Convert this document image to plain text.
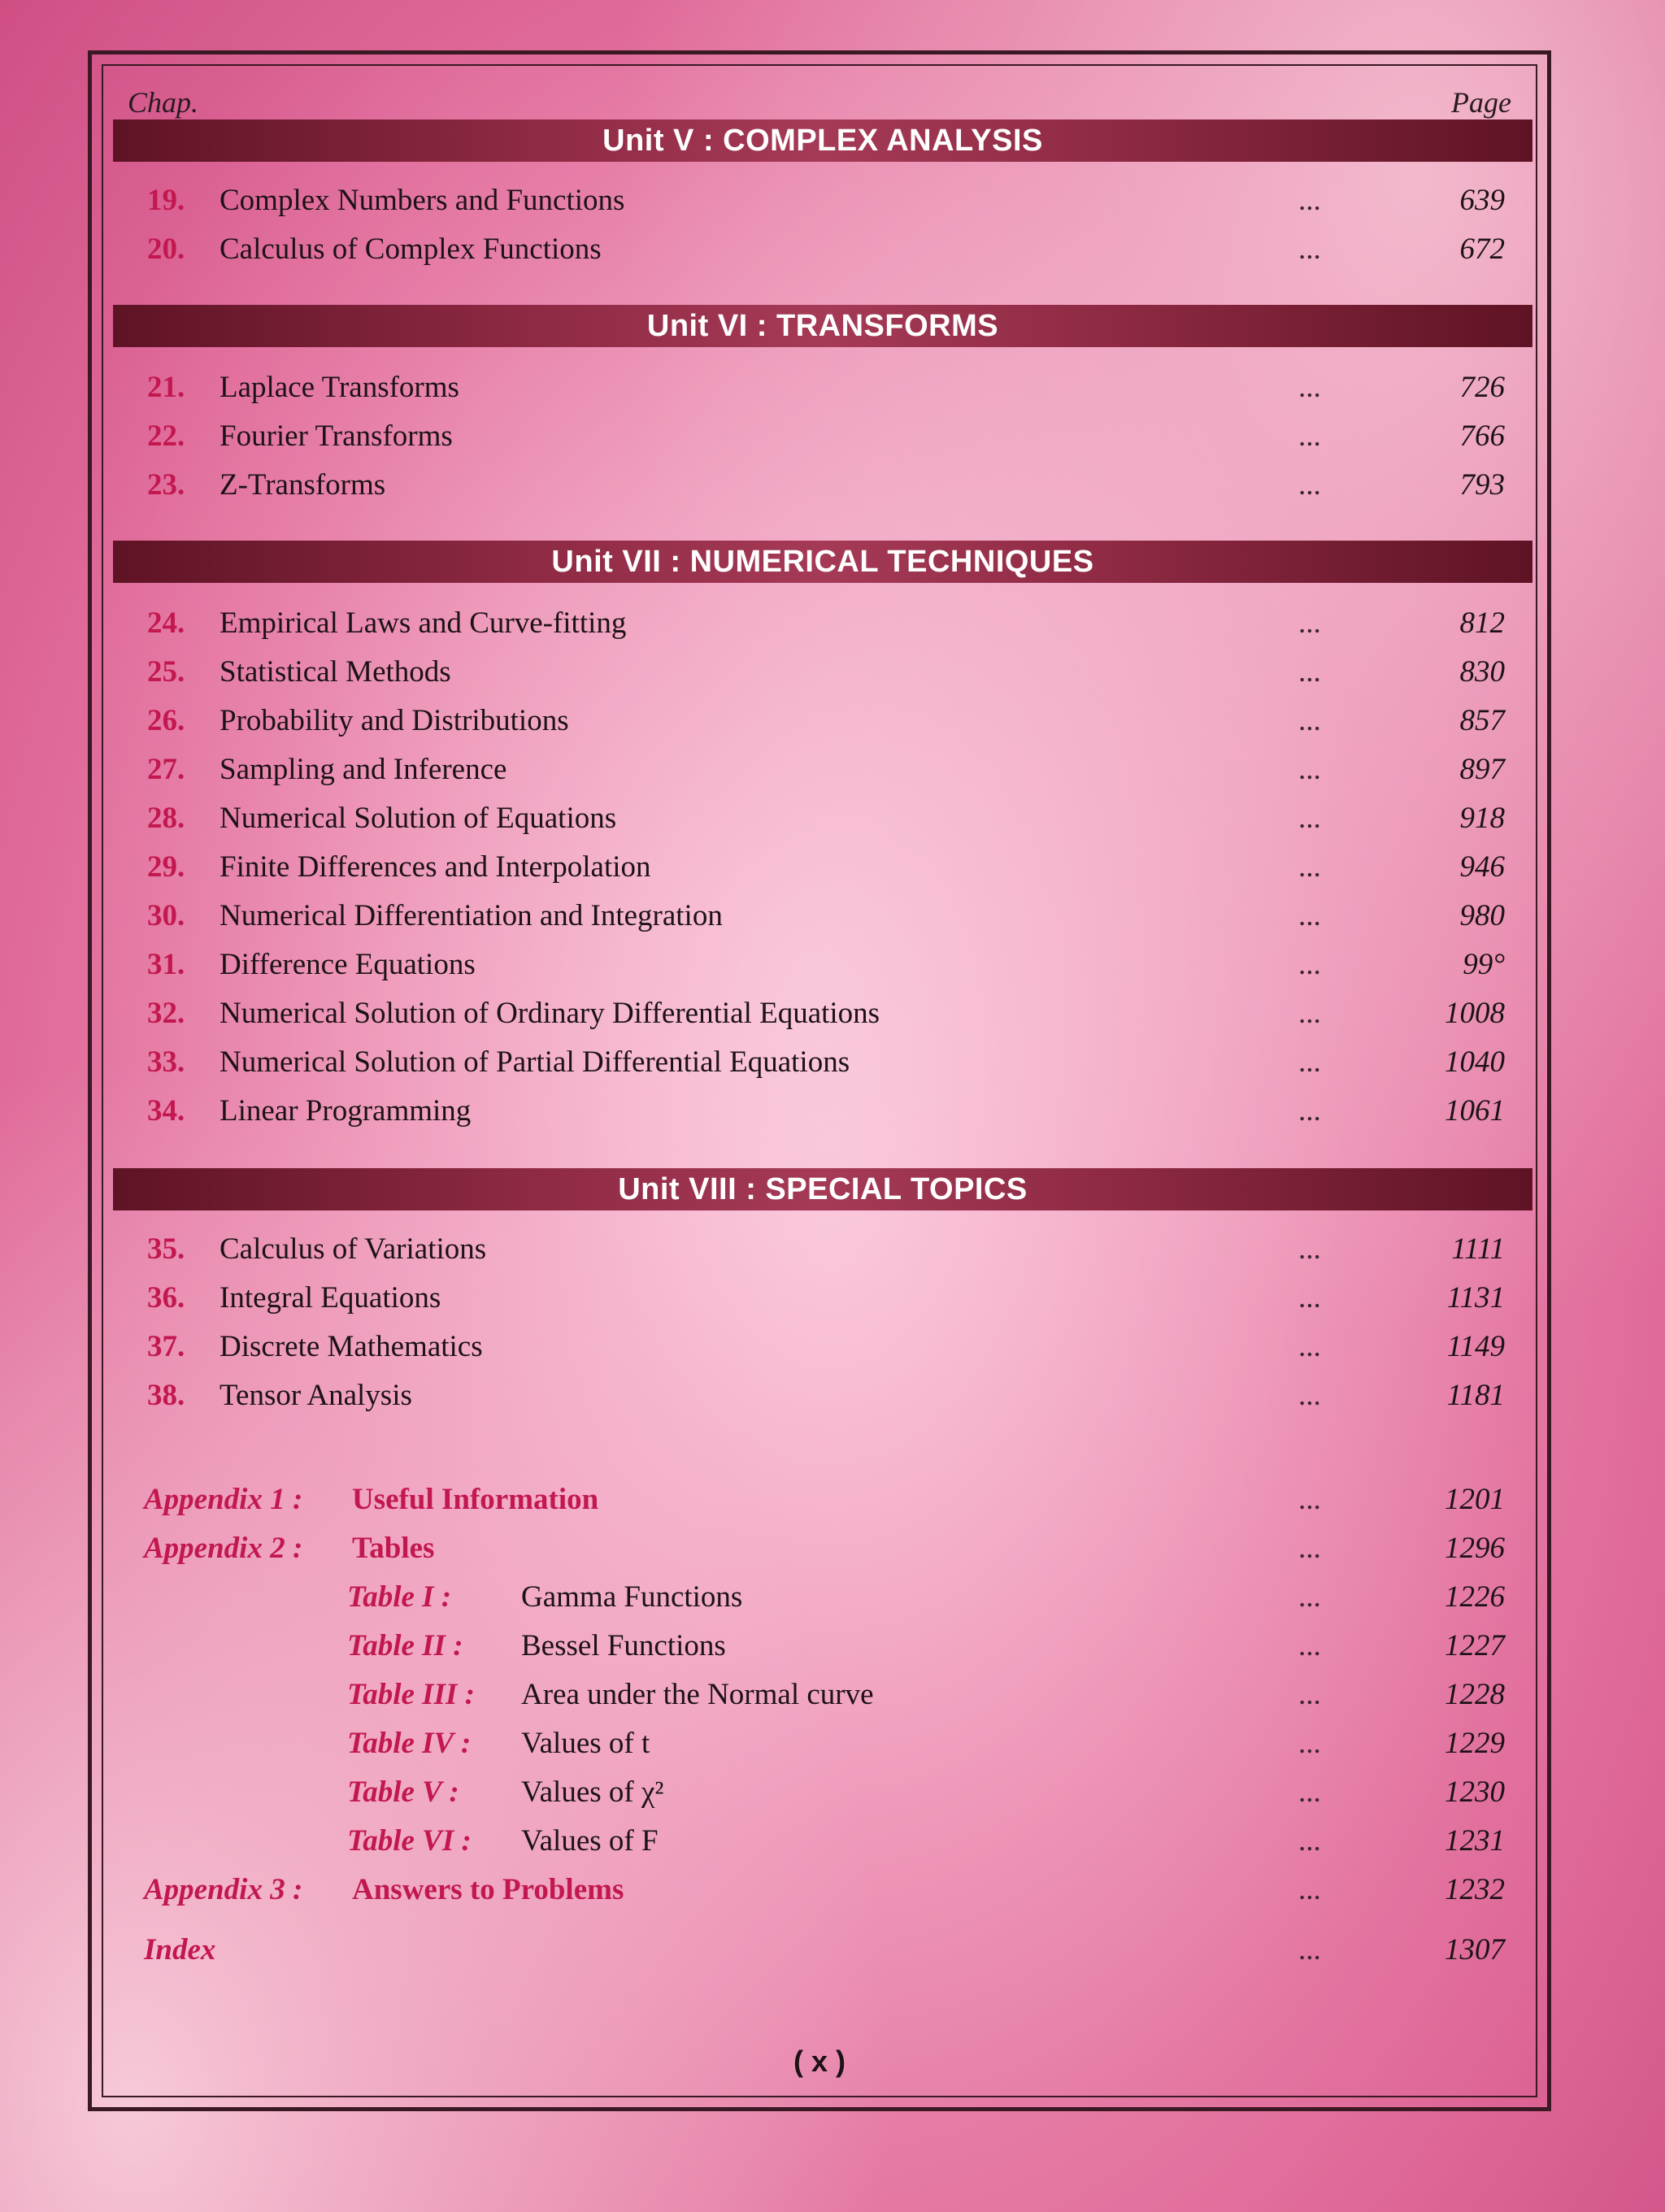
Chap.	Page
Unit V : COMPLEX ANALYSIS
19. Complex Numbers and Functions	...	639
20. Calculus of Complex Functions	...	672
Unit VI : TRANSFORMS
21. Laplace Transforms	...	726
22. Fourier Transforms	...	766
23. Z-Transforms	...	793
Unit VII : NUMERICAL TECHNIQUES
24. Empirical Laws and Curve-fitting	...	812
25. Statistical Methods	...	830
26. Probability and Distributions	...	857
27. Sampling and Inference	...	897
28. Numerical Solution of Equations	...	918
29. Finite Differences and Interpolation	...	946
30. Numerical Differentiation and Integration	...	980
31. Difference Equations	...	99°
32. Numerical Solution of Ordinary Differential Equations	...	1008
33. Numerical Solution of Partial Differential Equations	...	1040
34. Linear Programming	...	1061
Unit VIII : SPECIAL TOPICS
35. Calculus of Variations	...	1111
36. Integral Equations	...	1131
37. Discrete Mathematics	...	1149
38. Tensor Analysis	...	1181
Appendix 1 : Useful Information	...	1201
Appendix 2 : Tables	...	1296
Table I : Gamma Functions	...	1226
Table II : Bessel Functions	...	1227
Table III : Area under the Normal curve	...	1228
Table IV : Values of t	...	1229
Table V : Values of χ²	...	1230
Table VI : Values of F	...	1231
Appendix 3 : Answers to Problems	...	1232
Index	...	1307
( x )
